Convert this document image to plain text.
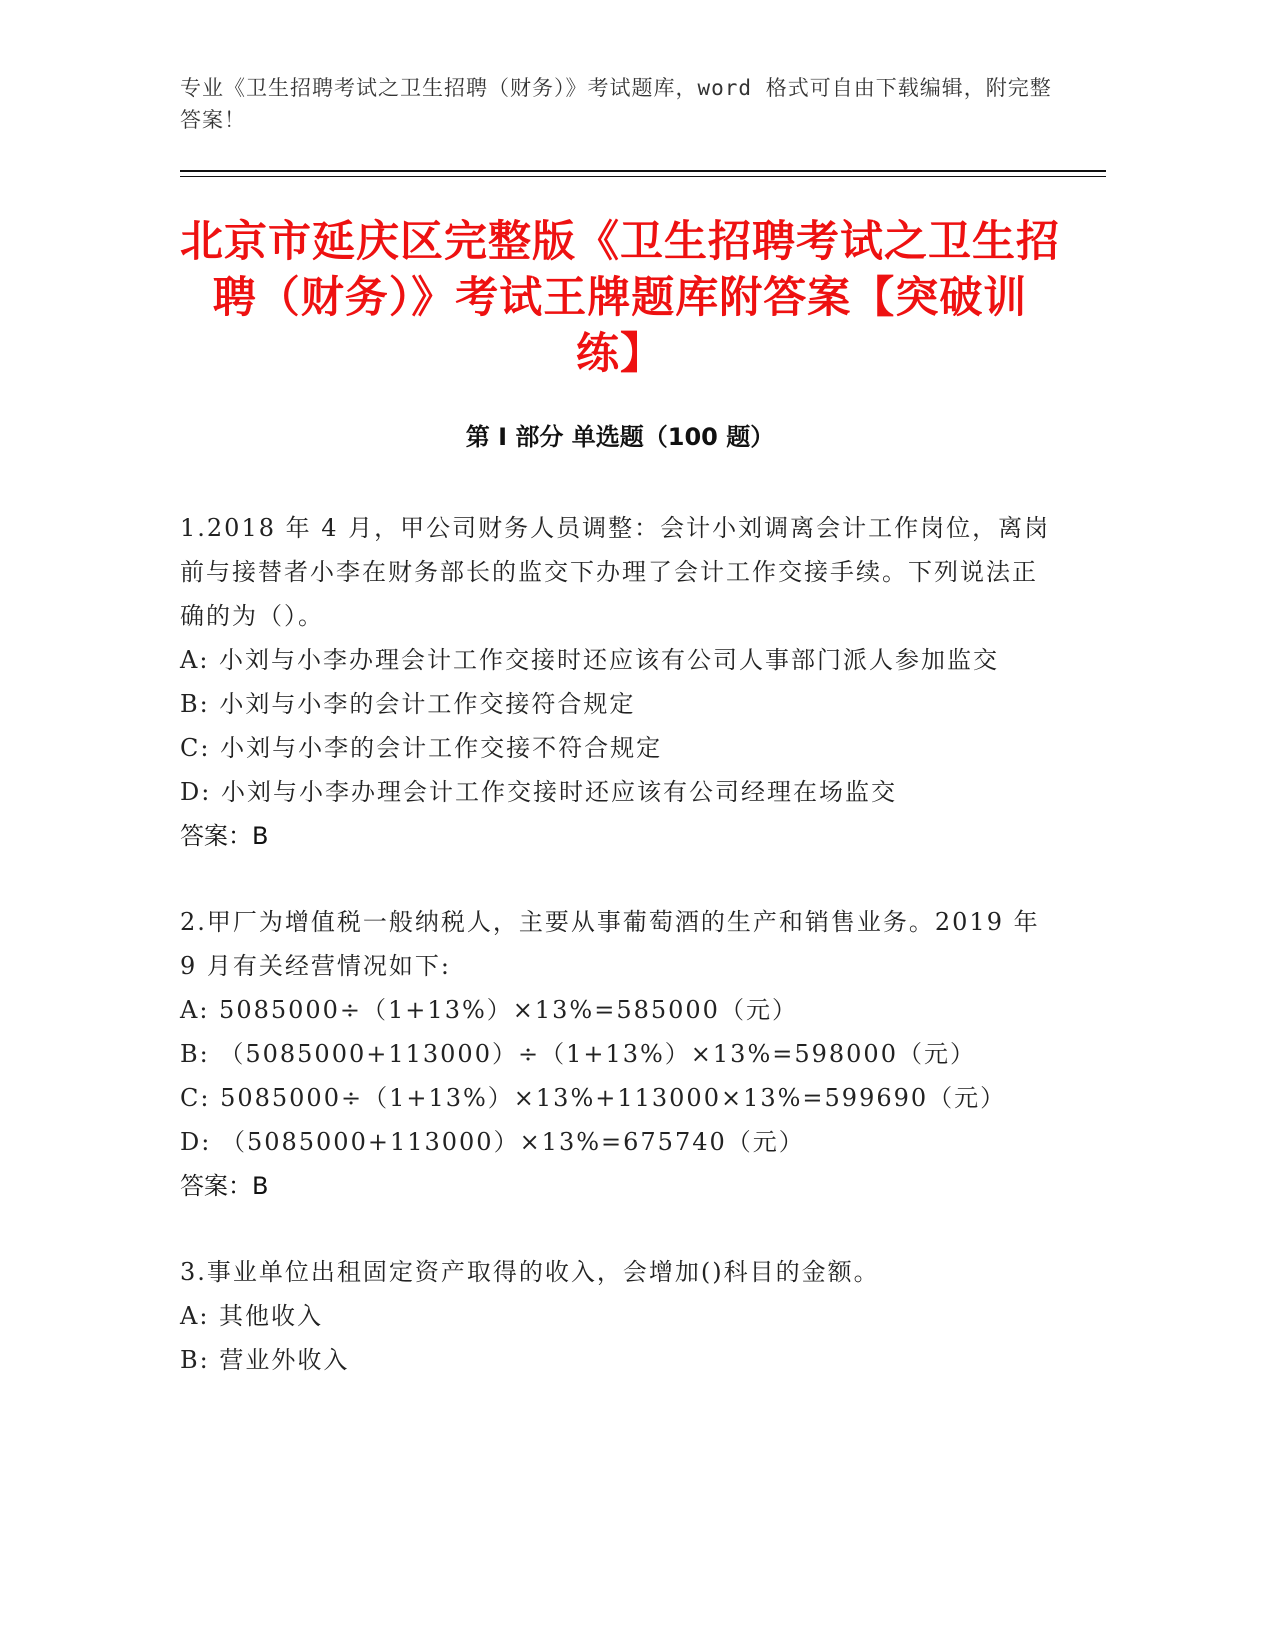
专业《卫生招聘考试之卫生招聘（财务）》考试题库，word 格式可自由下载编辑，附完整答案！
北京市延庆区完整版《卫生招聘考试之卫生招聘（财务）》考试王牌题库附答案【突破训练】
第 I 部分 单选题（100 题）

1.2018 年 4 月，甲公司财务人员调整：会计小刘调离会计工作岗位，离岗前与接替者小李在财务部长的监交下办理了会计工作交接手续。下列说法正确的为（）。

A: 小刘与小李办理会计工作交接时还应该有公司人事部门派人参加监交

B: 小刘与小李的会计工作交接符合规定

C: 小刘与小李的会计工作交接不符合规定

D: 小刘与小李办理会计工作交接时还应该有公司经理在场监交

答案：B

2.甲厂为增值税一般纳税人，主要从事葡萄酒的生产和销售业务。2019 年 9 月有关经营情况如下:

A: 5085000÷（1+13%）×13%=585000（元）

B: （5085000+113000）÷（1+13%）×13%=598000（元）

C: 5085000÷（1+13%）×13%+113000×13%=599690（元）

D: （5085000+113000）×13%=675740（元）

答案：B

3.事业单位出租固定资产取得的收入，会增加()科目的金额。

A: 其他收入

B: 营业外收入
